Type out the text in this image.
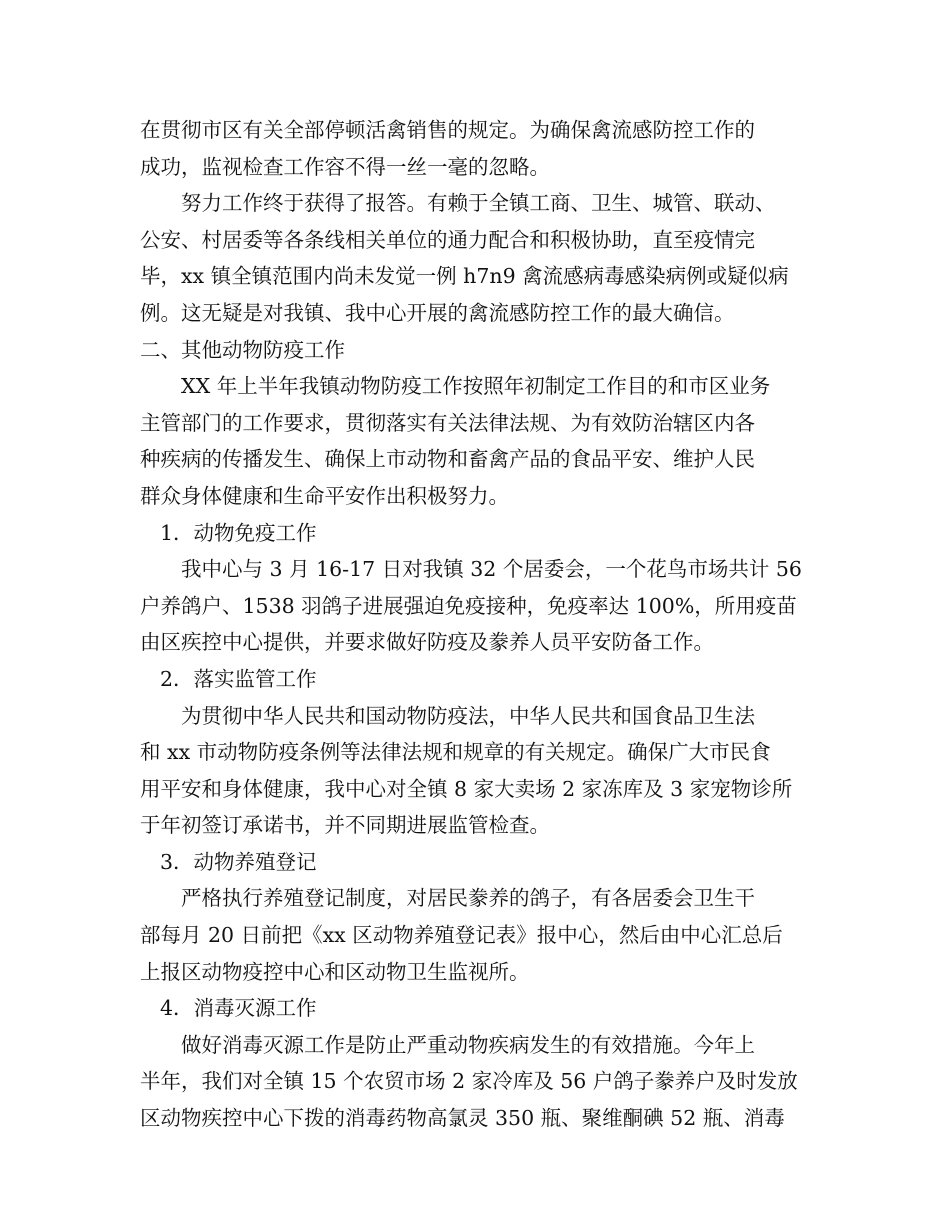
在贯彻市区有关全部停顿活禽销售的规定。为确保禽流感防控工作的
成功，监视检查工作容不得一丝一毫的忽略。
努力工作终于获得了报答。有赖于全镇工商、卫生、城管、联动、
公安、村居委等各条线相关单位的通力配合和积极协助，直至疫情完
毕，xx 镇全镇范围内尚未发觉一例 h7n9 禽流感病毒感染病例或疑似病
例。这无疑是对我镇、我中心开展的禽流感防控工作的最大确信。
二、其他动物防疫工作
XX 年上半年我镇动物防疫工作按照年初制定工作目的和市区业务
主管部门的工作要求，贯彻落实有关法律法规、为有效防治辖区内各
种疾病的传播发生、确保上市动物和畜禽产品的食品平安、维护人民
群众身体健康和生命平安作出积极努力。
1．动物免疫工作
我中心与 3 月 16-17 日对我镇 32 个居委会，一个花鸟市场共计 56
户养鸽户、1538 羽鸽子进展强迫免疫接种，免疫率达 100%，所用疫苗
由区疾控中心提供，并要求做好防疫及豢养人员平安防备工作。
2．落实监管工作
为贯彻中华人民共和国动物防疫法，中华人民共和国食品卫生法
和 xx 市动物防疫条例等法律法规和规章的有关规定。确保广大市民食
用平安和身体健康，我中心对全镇 8 家大卖场 2 家冻库及 3 家宠物诊所
于年初签订承诺书，并不同期进展监管检查。
3．动物养殖登记
严格执行养殖登记制度，对居民豢养的鸽子，有各居委会卫生干
部每月 20 日前把《xx 区动物养殖登记表》报中心，然后由中心汇总后
上报区动物疫控中心和区动物卫生监视所。
4．消毒灭源工作
做好消毒灭源工作是防止严重动物疾病发生的有效措施。今年上
半年，我们对全镇 15 个农贸市场 2 家冷库及 56 户鸽子豢养户及时发放
区动物疾控中心下拨的消毒药物高氯灵 350 瓶、聚维酮碘 52 瓶、消毒
